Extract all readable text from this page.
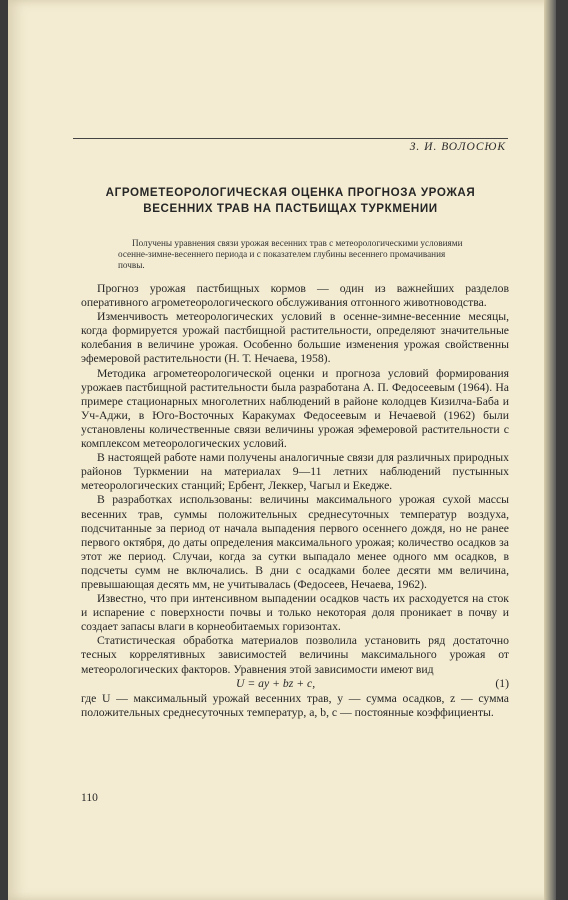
З. И. ВОЛОСЮК
АГРОМЕТЕОРОЛОГИЧЕСКАЯ ОЦЕНКА ПРОГНОЗА УРОЖАЯ
ВЕСЕННИХ ТРАВ НА ПАСТБИЩАХ ТУРКМЕНИИ
Получены уравнения связи урожая весенних трав с метеорологическими условиями осенне-зимне-весеннего периода и с показателем глубины весеннего промачивания почвы.

Прогноз урожая пастбищных кормов — один из важнейших разделов оперативного агрометеорологического обслуживания отгонного животноводства.

Изменчивость метеорологических условий в осенне-зимне-весенние месяцы, когда формируется урожай пастбищной растительности, определяют значительные колебания в величине урожая. Особенно большие изменения урожая свойственны эфемеровой растительности (Н. Т. Нечаева, 1958).

Методика агрометеорологической оценки и прогноза условий формирования урожаев пастбищной растительности была разработана А. П. Федосеевым (1964). На примере стационарных многолетних наблюдений в районе колодцев Кизилча-Баба и Уч-Аджи, в Юго-Восточных Каракумах Федосеевым и Нечаевой (1962) были установлены количественные связи величины урожая эфемеровой растительности с комплексом метеорологических условий.

В настоящей работе нами получены аналогичные связи для различных природных районов Туркмении на материалах 9—11 летних наблюдений пустынных метеорологических станций; Ербент, Леккер, Чагыл и Екедже.

В разработках использованы: величины максимального урожая сухой массы весенних трав, суммы положительных среднесуточных температур воздуха, подсчитанные за период от начала выпадения первого осеннего дождя, но не ранее первого октября, до даты определения максимального урожая; количество осадков за этот же период. Случаи, когда за сутки выпадало менее одного мм осадков, в подсчеты сумм не включались. В дни с осадками более десяти мм величина, превышающая десять мм, не учитывалась (Федосеев, Нечаева, 1962).

Известно, что при интенсивном выпадении осадков часть их расходуется на сток и испарение с поверхности почвы и только некоторая доля проникает в почву и создает запасы влаги в корнеобитаемых горизонтах.

Статистическая обработка материалов позволила установить ряд достаточно тесных коррелятивных зависимостей величины максимального урожая от метеорологических факторов. Уравнения этой зависимости имеют вид

U = ay + bz + c,	(1)

где U — максимальный урожай весенних трав, y — сумма осадков, z — сумма положительных среднесуточных температур, a, b, c — постоянные коэффициенты.

110
